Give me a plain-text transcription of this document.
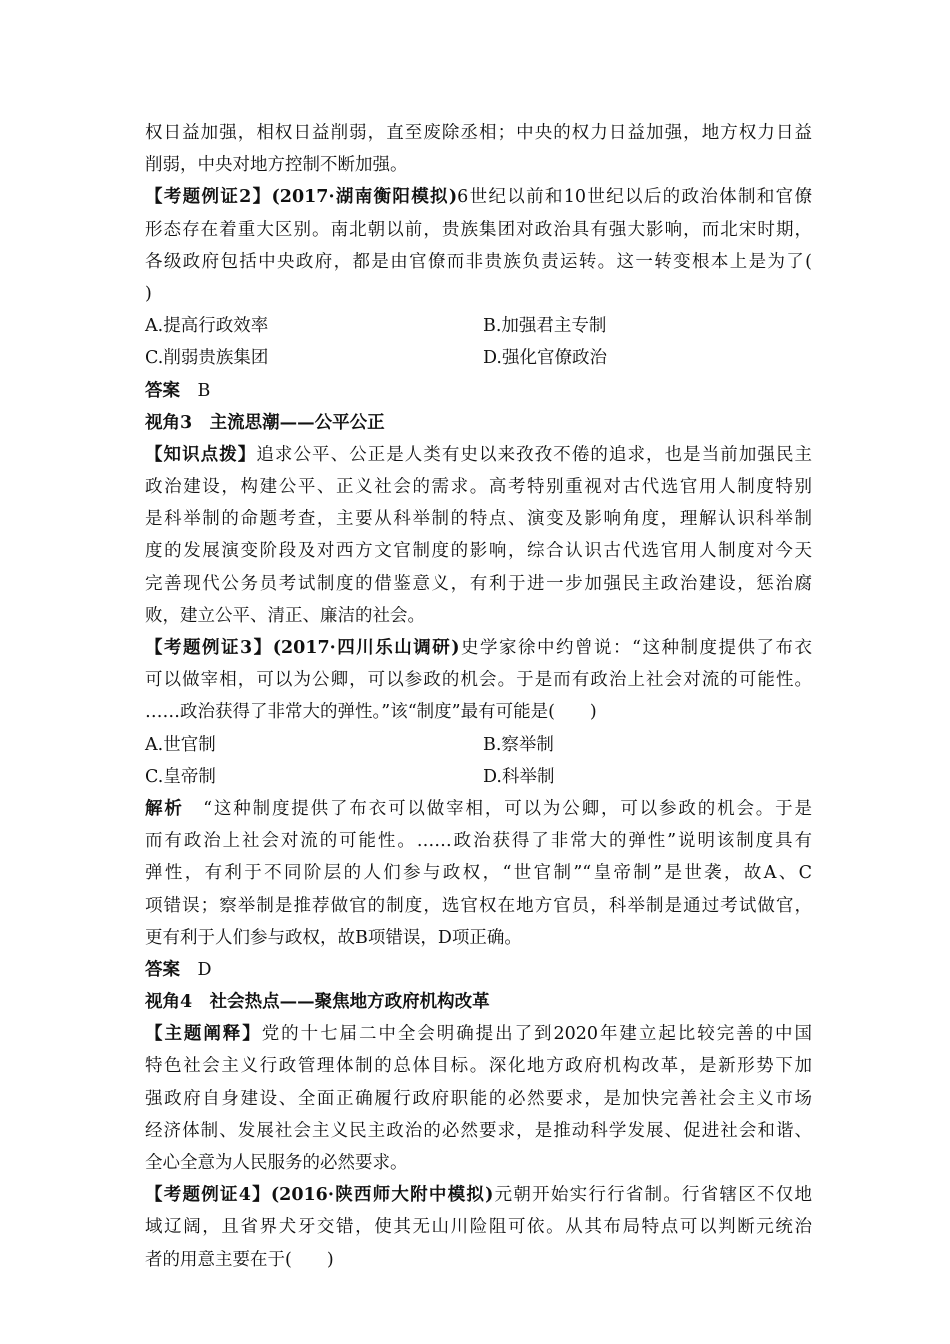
权日益加强，相权日益削弱，直至废除丞相；中央的权力日益加强，地方权力日益
削弱，中央对地方控制不断加强。
【考题例证2】(2017·湖南衡阳模拟)6世纪以前和10世纪以后的政治体制和官僚
形态存在着重大区别。南北朝以前，贵族集团对政治具有强大影响，而北宋时期，
各级政府包括中央政府，都是由官僚而非贵族负责运转。这一转变根本上是为了(
)
A.提高行政效率	B.加强君主专制
C.削弱贵族集团	D.强化官僚政治
答案　 B
视角3　主流思潮——公平公正
【知识点拨】追求公平、公正是人类有史以来孜孜不倦的追求，也是当前加强民主
政治建设，构建公平、正义社会的需求。高考特别重视对古代选官用人制度特别
是科举制的命题考查，主要从科举制的特点、演变及影响角度，理解认识科举制
度的发展演变阶段及对西方文官制度的影响，综合认识古代选官用人制度对今天
完善现代公务员考试制度的借鉴意义，有利于进一步加强民主政治建设，惩治腐
败，建立公平、清正、廉洁的社会。
【考题例证3】(2017·四川乐山调研)史学家徐中约曾说：“这种制度提供了布衣
可以做宰相，可以为公卿，可以参政的机会。于是而有政治上社会对流的可能性。
……政治获得了非常大的弹性。”该“制度”最有可能是(　　)
A.世官制	B.察举制
C.皇帝制	D.科举制
解析　 “这种制度提供了布衣可以做宰相，可以为公卿，可以参政的机会。于是
而有政治上社会对流的可能性。……政治获得了非常大的弹性”说明该制度具有
弹性，有利于不同阶层的人们参与政权，“世官制”“皇帝制”是世袭，故A、C
项错误；察举制是推荐做官的制度，选官权在地方官员，科举制是通过考试做官，
更有利于人们参与政权，故B项错误，D项正确。
答案　 D
视角4　社会热点——聚焦地方政府机构改革
【主题阐释】党的十七届二中全会明确提出了到2020年建立起比较完善的中国
特色社会主义行政管理体制的总体目标。深化地方政府机构改革，是新形势下加
强政府自身建设、全面正确履行政府职能的必然要求，是加快完善社会主义市场
经济体制、发展社会主义民主政治的必然要求，是推动科学发展、促进社会和谐、
全心全意为人民服务的必然要求。
【考题例证4】(2016·陕西师大附中模拟)元朝开始实行行省制。行省辖区不仅地
域辽阔，且省界犬牙交错，使其无山川险阻可依。从其布局特点可以判断元统治
者的用意主要在于(　　)
